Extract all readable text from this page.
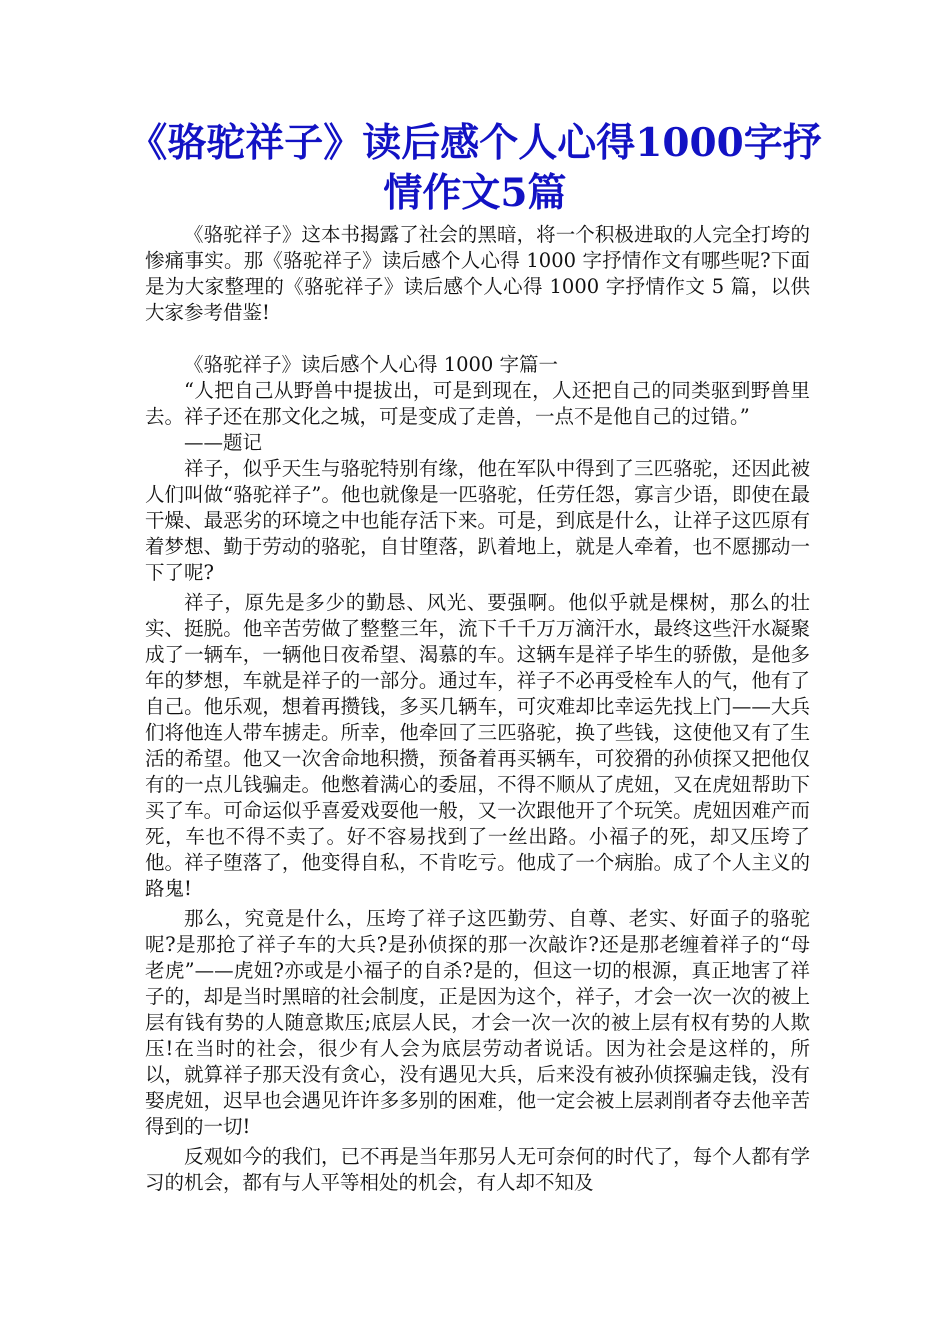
《骆驼祥子》读后感个人心得1000字抒情作文5篇

《骆驼祥子》这本书揭露了社会的黑暗，将一个积极进取的人完全打垮的惨痛事实。那《骆驼祥子》读后感个人心得 1000 字抒情作文有哪些呢?下面是为大家整理的《骆驼祥子》读后感个人心得 1000 字抒情作文 5 篇，以供大家参考借鉴!

《骆驼祥子》读后感个人心得 1000 字篇一

“人把自己从野兽中提拔出，可是到现在，人还把自己的同类驱到野兽里去。祥子还在那文化之城，可是变成了走兽，一点不是他自己的过错。”

——题记

祥子，似乎天生与骆驼特别有缘，他在军队中得到了三匹骆驼，还因此被人们叫做“骆驼祥子”。他也就像是一匹骆驼，任劳任怨，寡言少语，即使在最干燥、最恶劣的环境之中也能存活下来。可是，到底是什么，让祥子这匹原有着梦想、勤于劳动的骆驼，自甘堕落，趴着地上，就是人牵着，也不愿挪动一下了呢?

祥子，原先是多少的勤恳、风光、要强啊。他似乎就是棵树，那么的壮实、挺脱。他辛苦劳做了整整三年，流下千千万万滴汗水，最终这些汗水凝聚成了一辆车，一辆他日夜希望、渴慕的车。这辆车是祥子毕生的骄傲，是他多年的梦想，车就是祥子的一部分。通过车，祥子不必再受栓车人的气，他有了自己。他乐观，想着再攒钱，多买几辆车，可灾难却比幸运先找上门——大兵们将他连人带车掳走。所幸，他牵回了三匹骆驼，换了些钱，这使他又有了生活的希望。他又一次舍命地积攒，预备着再买辆车，可狡猾的孙侦探又把他仅有的一点儿钱骗走。他憋着满心的委屈，不得不顺从了虎妞，又在虎妞帮助下买了车。可命运似乎喜爱戏耍他一般，又一次跟他开了个玩笑。虎妞因难产而死，车也不得不卖了。好不容易找到了一丝出路。小福子的死，却又压垮了他。祥子堕落了，他变得自私，不肯吃亏。他成了一个病胎。成了个人主义的路鬼!

那么，究竟是什么，压垮了祥子这匹勤劳、自尊、老实、好面子的骆驼呢?是那抢了祥子车的大兵?是孙侦探的那一次敲诈?还是那老缠着祥子的“母老虎”——虎妞?亦或是小福子的自杀?是的，但这一切的根源，真正地害了祥子的，却是当时黑暗的社会制度，正是因为这个，祥子，才会一次一次的被上层有钱有势的人随意欺压;底层人民，才会一次一次的被上层有权有势的人欺压!在当时的社会，很少有人会为底层劳动者说话。因为社会是这样的，所以，就算祥子那天没有贪心，没有遇见大兵，后来没有被孙侦探骗走钱，没有娶虎妞，迟早也会遇见许许多多别的困难，他一定会被上层剥削者夺去他辛苦得到的一切!

反观如今的我们，已不再是当年那另人无可奈何的时代了，每个人都有学习的机会，都有与人平等相处的机会，有人却不知及
